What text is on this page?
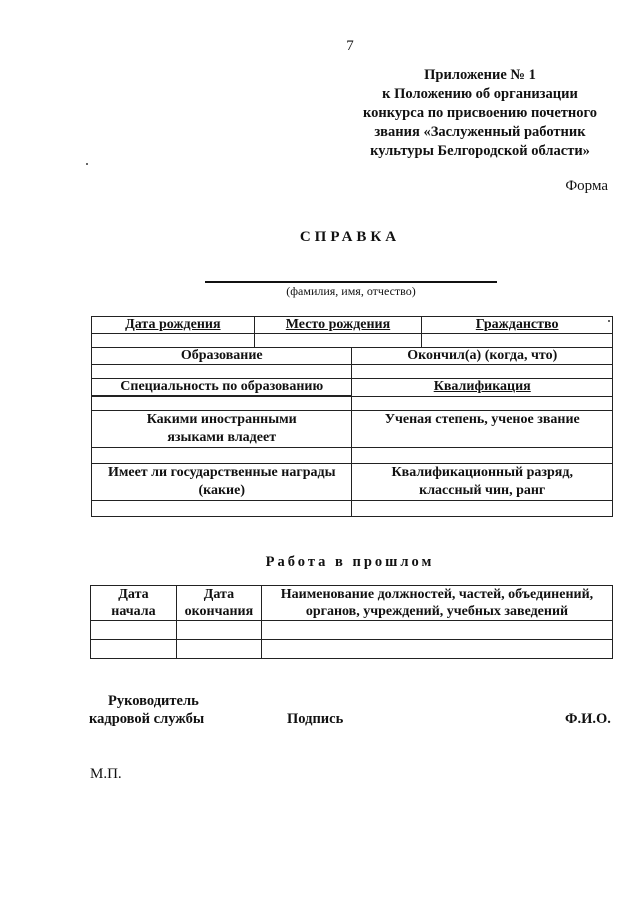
7
Приложение № 1
к Положению об организации
конкурса по присвоению почетного
звания «Заслуженный работник
культуры Белгородской области»
Форма
СПРАВКА
(фамилия, имя, отчество)
Дата рождения	Место рождения		Гражданство

Образование		Окончил(а) (когда, что)	

Специальность по образованию		Квалификация	

Какими иностранными языками владеет		Ученая степень, ученое звание	

Имеет ли государственные награды (какие)		Квалификационный разряд, классный чин, ранг	

Работа в прошлом
Дата начала	Дата окончания	Наименование должностей, частей, объединений, органов, учреждений, учебных заведений

Руководитель
кадровой службы	Подпись	Ф.И.О.
М.П.
